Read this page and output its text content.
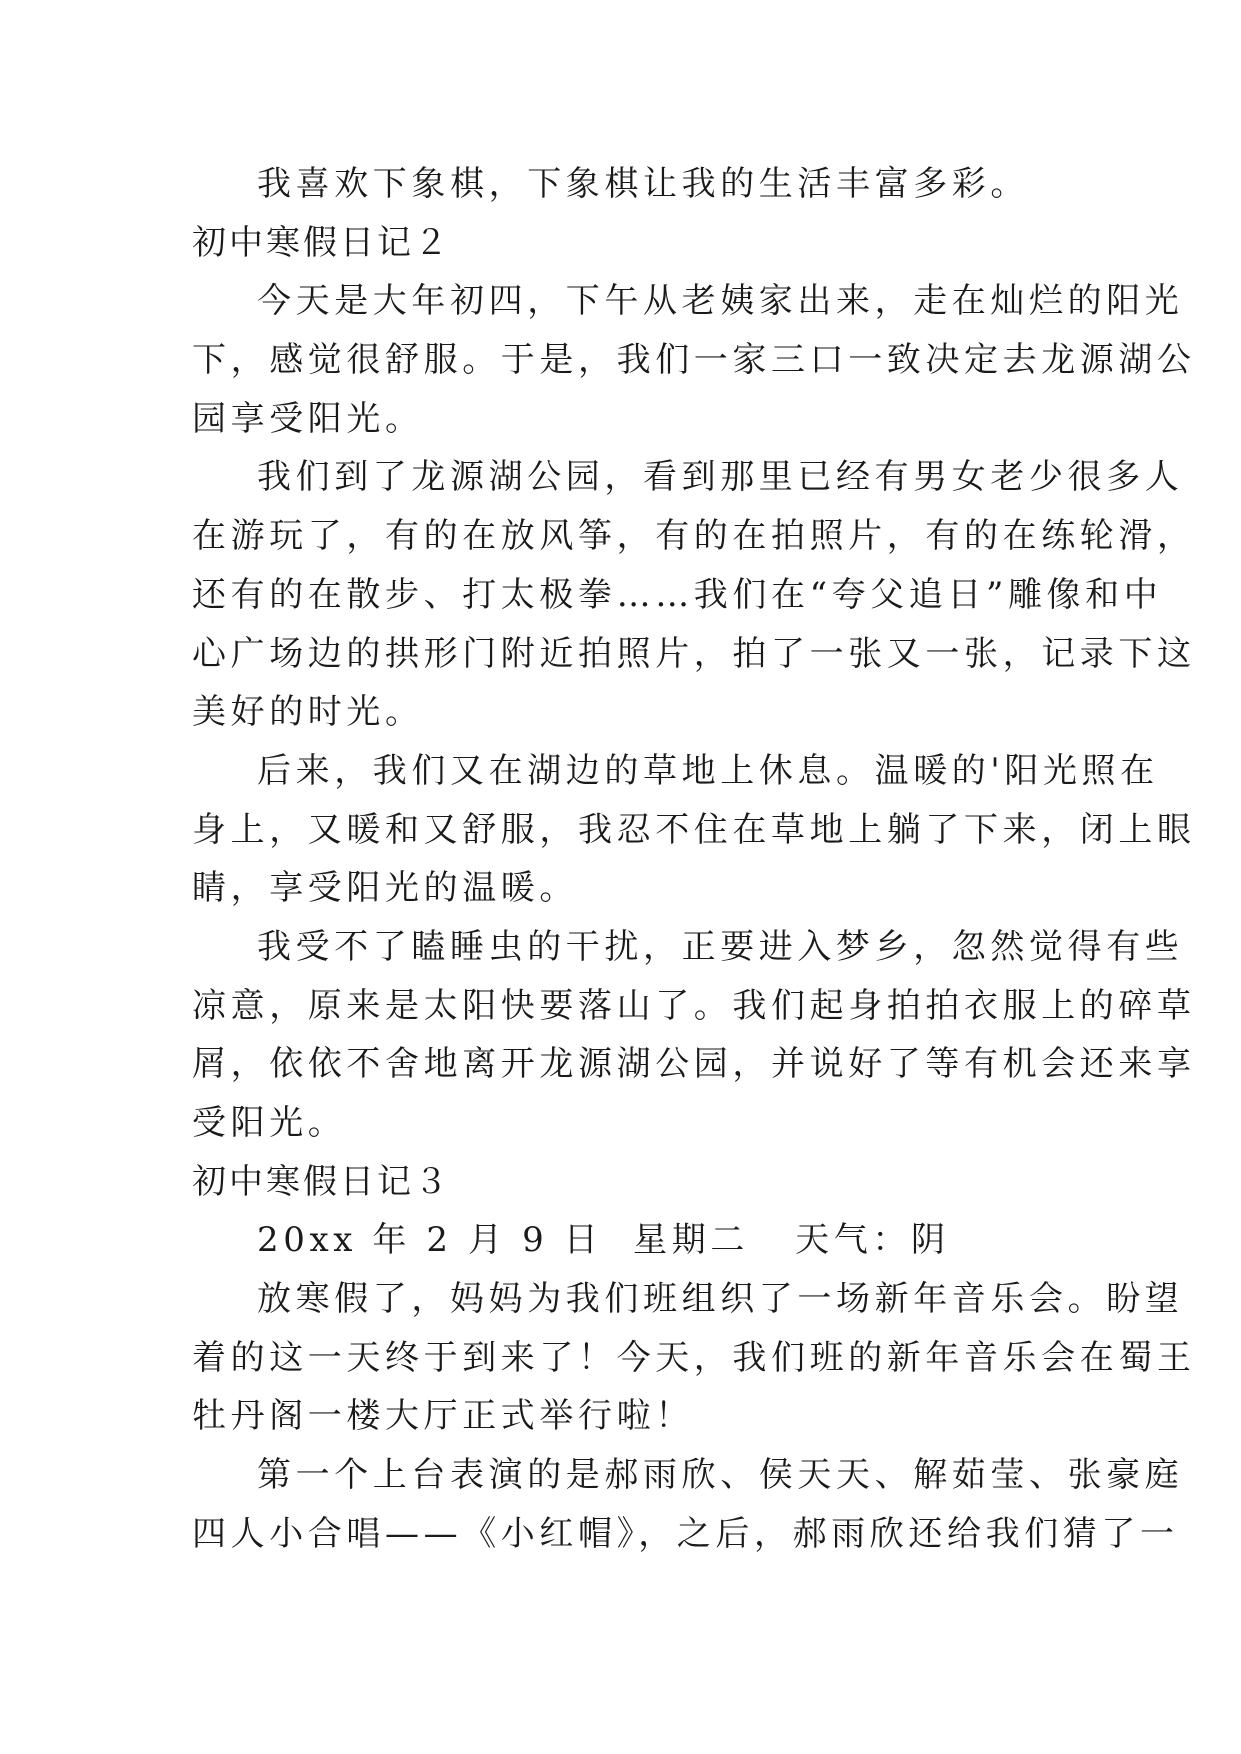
我喜欢下象棋，下象棋让我的生活丰富多彩。
初中寒假日记２
今天是大年初四，下午从老姨家出来，走在灿烂的阳光
下，感觉很舒服。于是，我们一家三口一致决定去龙源湖公
园享受阳光。
我们到了龙源湖公园，看到那里已经有男女老少很多人
在游玩了，有的在放风筝，有的在拍照片，有的在练轮滑，
还有的在散步、打太极拳……我们在“夸父追日”雕像和中
心广场边的拱形门附近拍照片，拍了一张又一张，记录下这
美好的时光。
后来，我们又在湖边的草地上休息。温暖的'阳光照在
身上，又暖和又舒服，我忍不住在草地上躺了下来，闭上眼
睛，享受阳光的温暖。
我受不了瞌睡虫的干扰，正要进入梦乡，忽然觉得有些
凉意，原来是太阳快要落山了。我们起身拍拍衣服上的碎草
屑，依依不舍地离开龙源湖公园，并说好了等有机会还来享
受阳光。
初中寒假日记３
20xx 年 2 月 9 日  星期二   天气：阴
放寒假了，妈妈为我们班组织了一场新年音乐会。盼望
着的这一天终于到来了！今天，我们班的新年音乐会在蜀王
牡丹阁一楼大厅正式举行啦！
第一个上台表演的是郝雨欣、侯天天、解茹莹、张豪庭
四人小合唱——《小红帽》，之后，郝雨欣还给我们猜了一
